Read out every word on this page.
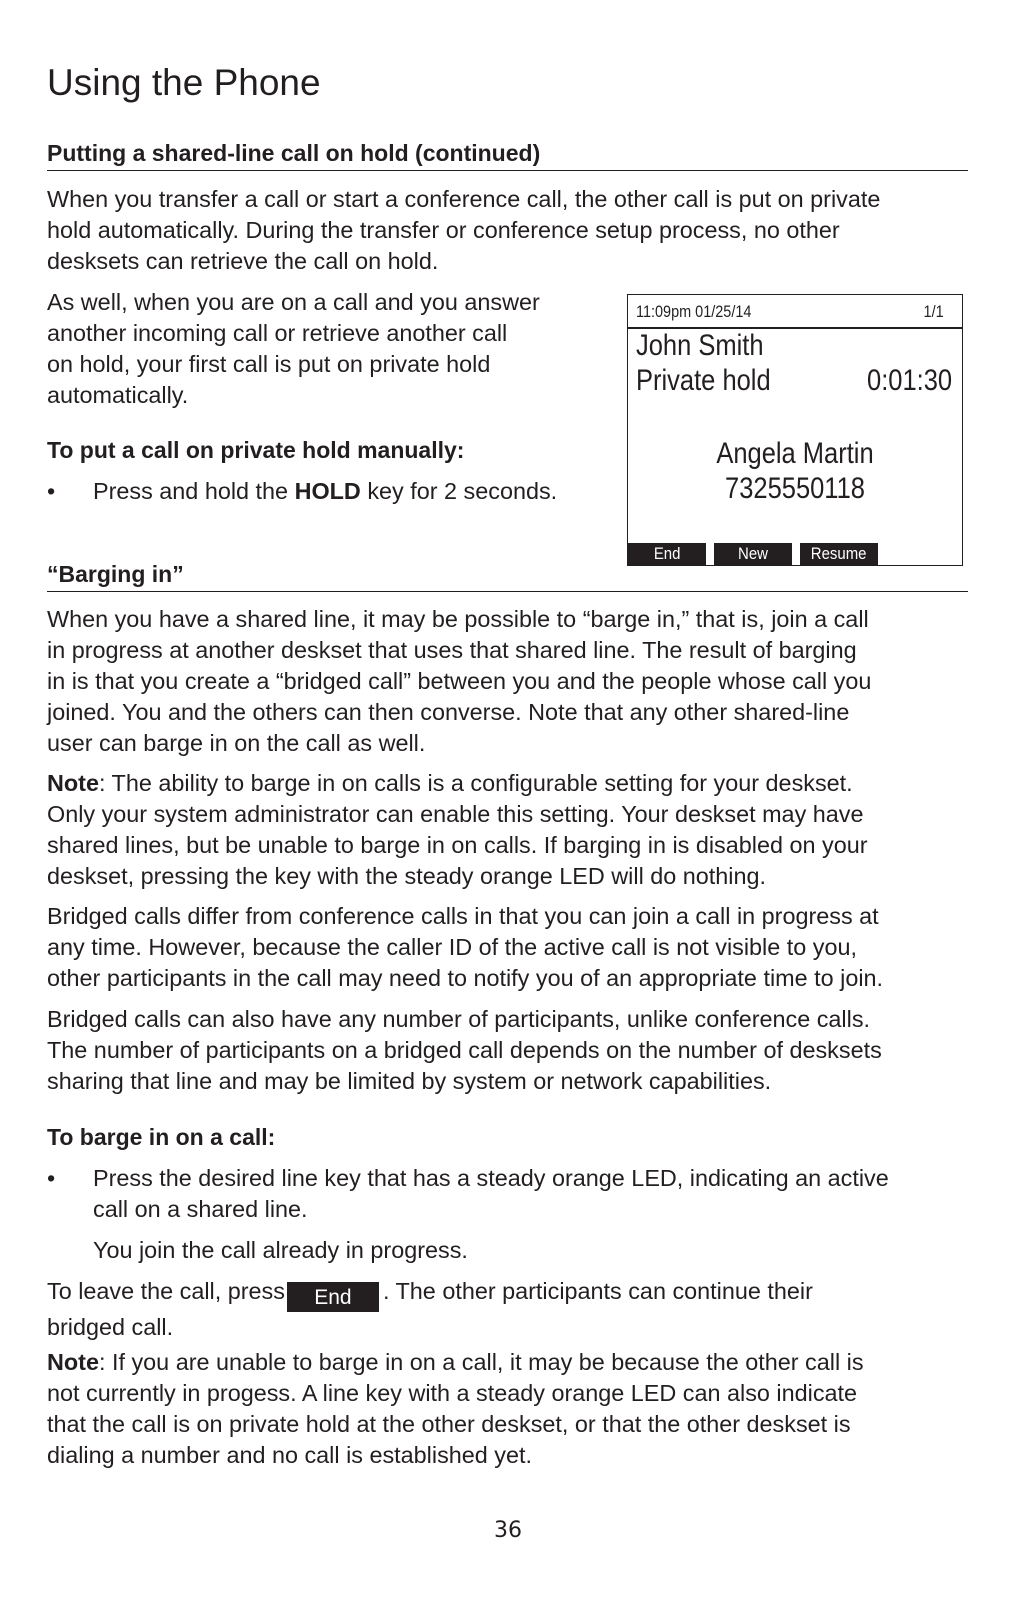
Using the Phone
Putting a shared-line call on hold (continued)

When you transfer a call or start a conference call, the other call is put on private
hold automatically. During the transfer or conference setup process, no other
desksets can retrieve the call on hold.

As well, when you are on a call and you answer
another incoming call or retrieve another call
on hold, your first call is put on private hold
automatically.

To put a call on private hold manually:
• Press and hold the HOLD key for 2 seconds.
11:09pm 01/25/14	1/1
John Smith
Private hold	0:01:30
Angela Martin
7325550118
End	New	Resume
“Barging in”

When you have a shared line, it may be possible to “barge in,” that is, join a call
in progress at another deskset that uses that shared line. The result of barging
in is that you create a “bridged call” between you and the people whose call you
joined. You and the others can then converse. Note that any other shared-line
user can barge in on the call as well.

Note: The ability to barge in on calls is a configurable setting for your deskset.
Only your system administrator can enable this setting. Your deskset may have
shared lines, but be unable to barge in on calls. If barging in is disabled on your
deskset, pressing the key with the steady orange LED will do nothing.

Bridged calls differ from conference calls in that you can join a call in progress at
any time. However, because the caller ID of the active call is not visible to you,
other participants in the call may need to notify you of an appropriate time to join.

Bridged calls can also have any number of participants, unlike conference calls.
The number of participants on a bridged call depends on the number of desksets
sharing that line and may be limited by system or network capabilities.

To barge in on a call:
• Press the desired line key that has a steady orange LED, indicating an active
call on a shared line.

You join the call already in progress.

To leave the call, press End . The other participants can continue their
bridged call.

Note: If you are unable to barge in on a call, it may be because the other call is
not currently in progess. A line key with a steady orange LED can also indicate
that the call is on private hold at the other deskset, or that the other deskset is
dialing a number and no call is established yet.

36
